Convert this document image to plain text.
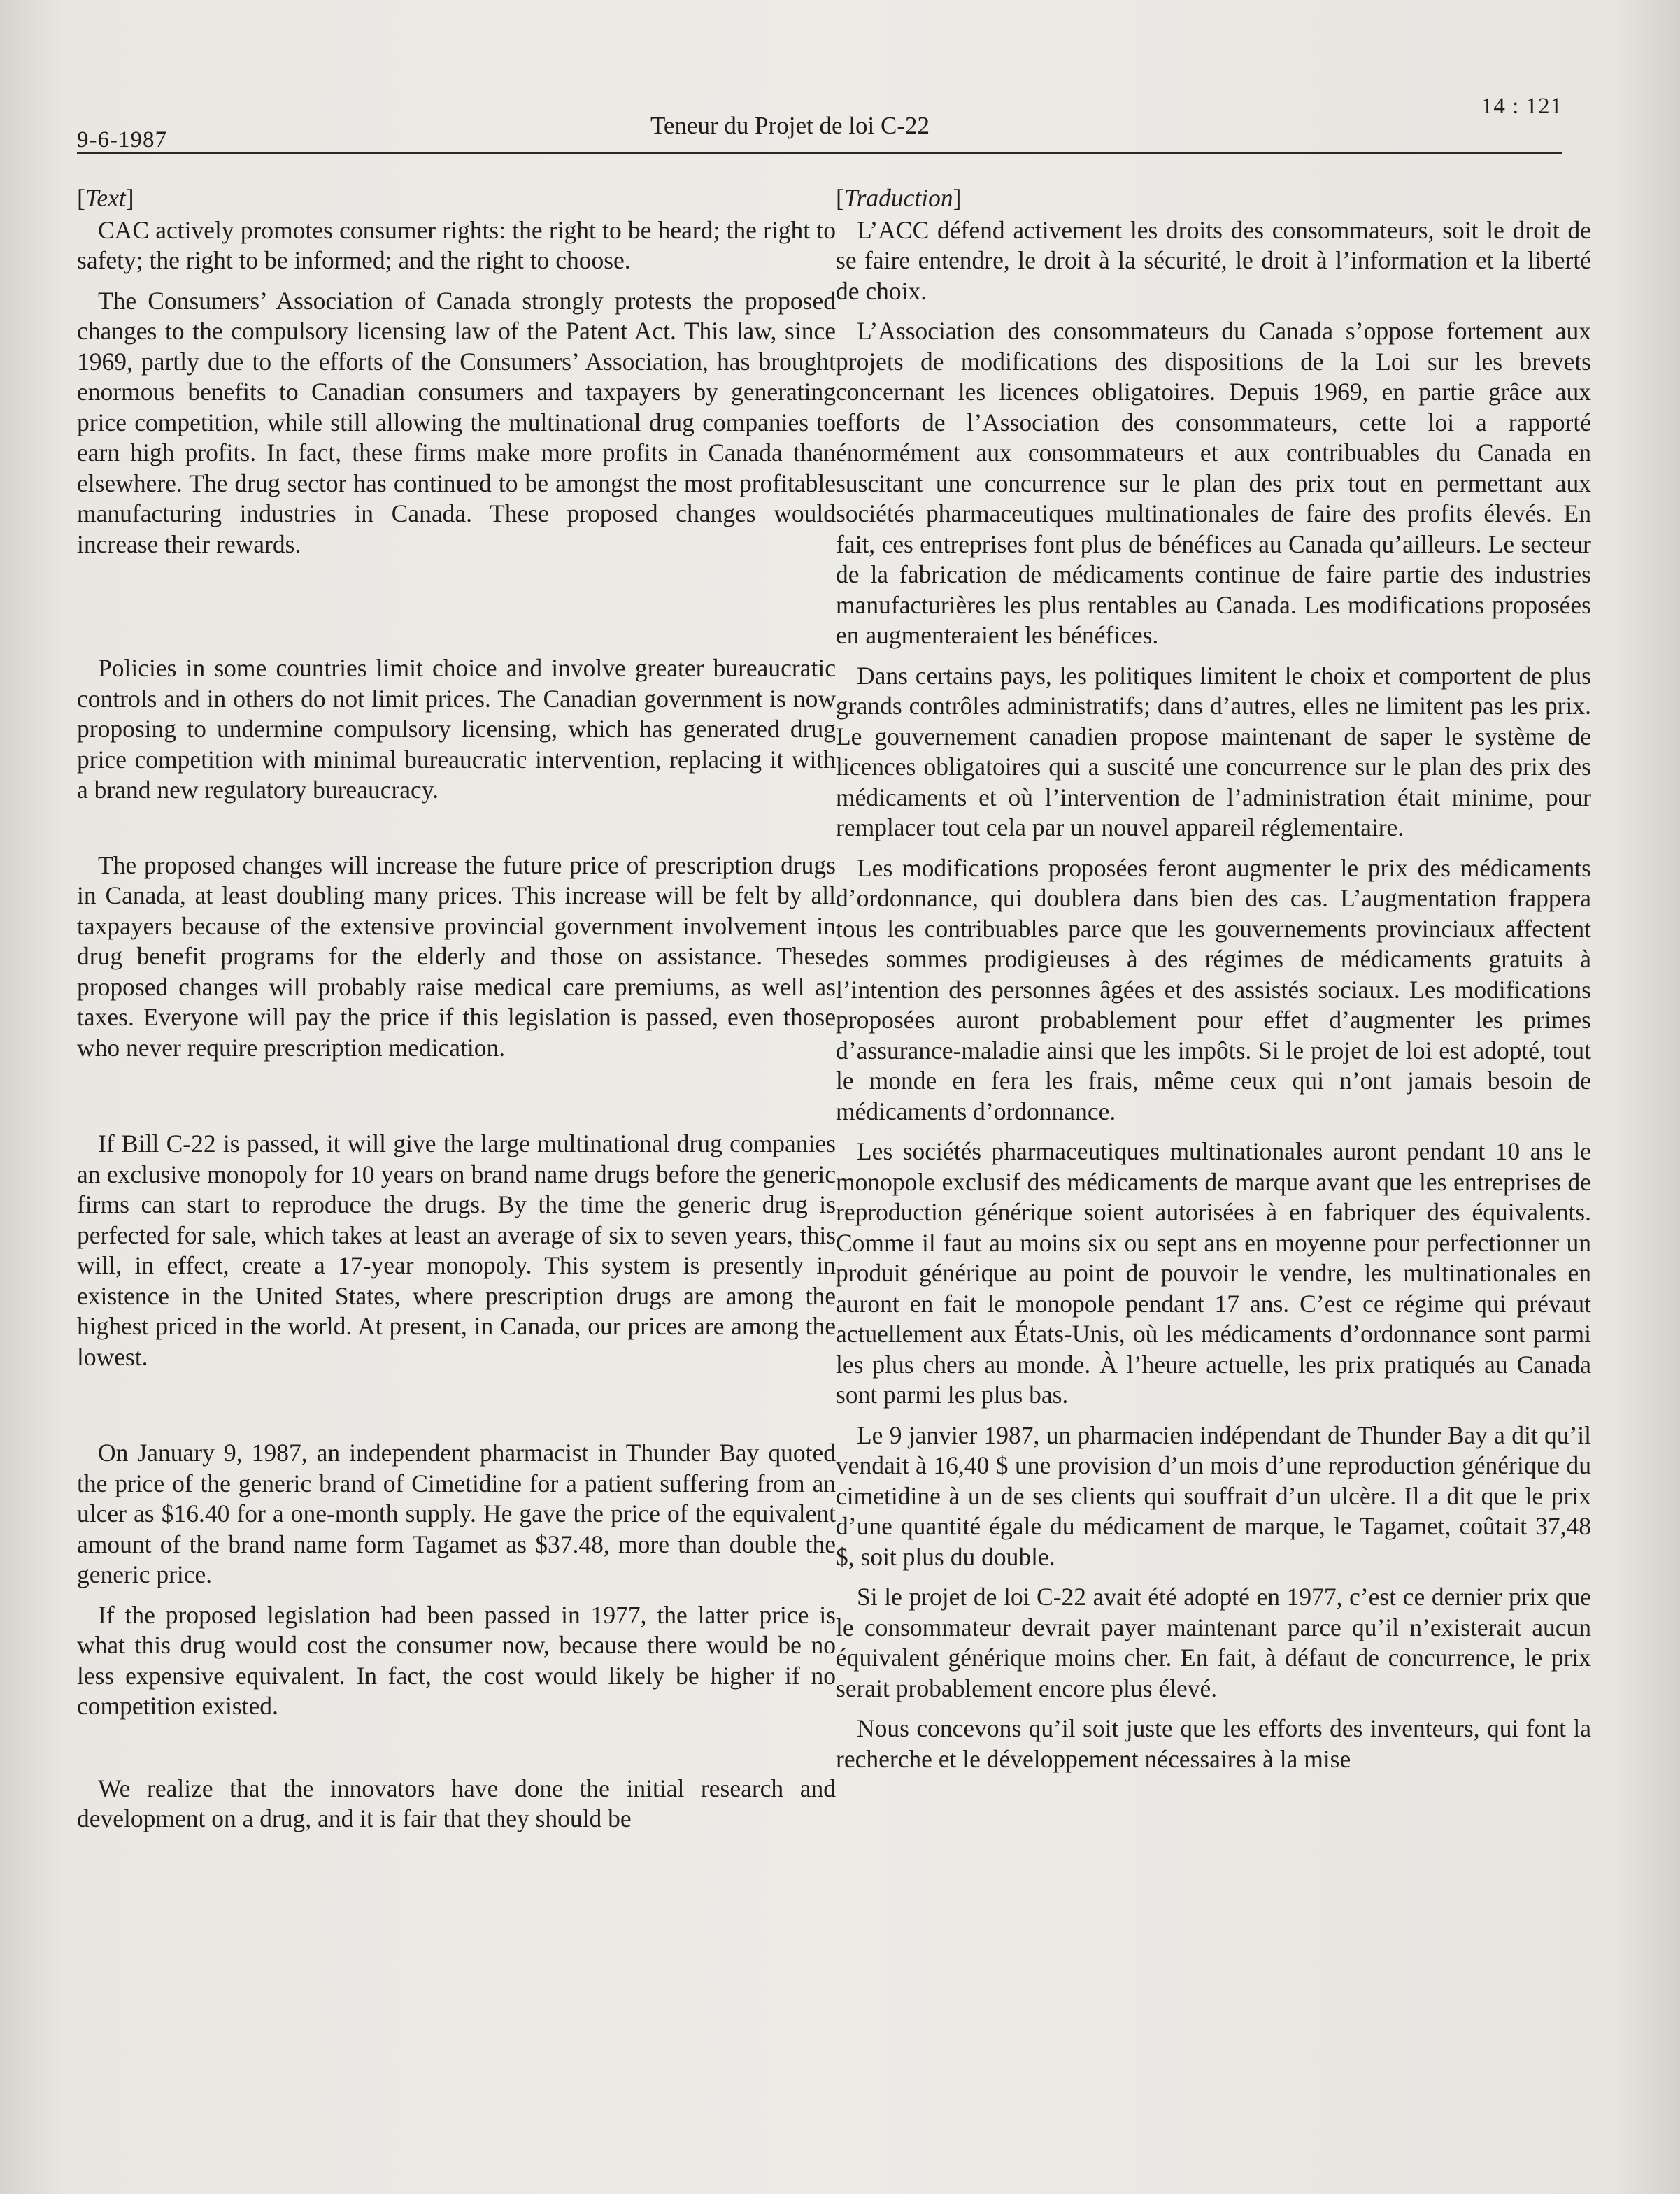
9-6-1987
Teneur du Projet de loi C-22
14 : 121

[Text]

CAC actively promotes consumer rights: the right to be heard; the right to safety; the right to be informed; and the right to choose.

The Consumers’ Association of Canada strongly protests the proposed changes to the compulsory licensing law of the Patent Act. This law, since 1969, partly due to the efforts of the Consumers’ Association, has brought enormous benefits to Canadian consumers and taxpayers by generating price competition, while still allowing the multinational drug companies to earn high profits. In fact, these firms make more profits in Canada than elsewhere. The drug sector has continued to be amongst the most profitable manufacturing industries in Canada. These proposed changes would increase their rewards.

Policies in some countries limit choice and involve greater bureaucratic controls and in others do not limit prices. The Canadian government is now proposing to undermine compulsory licensing, which has generated drug price competition with minimal bureaucratic intervention, replacing it with a brand new regulatory bureaucracy.

The proposed changes will increase the future price of prescription drugs in Canada, at least doubling many prices. This increase will be felt by all taxpayers because of the extensive provincial government involvement in drug benefit programs for the elderly and those on assistance. These proposed changes will probably raise medical care premiums, as well as taxes. Everyone will pay the price if this legislation is passed, even those who never require prescription medication.

If Bill C-22 is passed, it will give the large multinational drug companies an exclusive monopoly for 10 years on brand name drugs before the generic firms can start to reproduce the drugs. By the time the generic drug is perfected for sale, which takes at least an average of six to seven years, this will, in effect, create a 17-year monopoly. This system is presently in existence in the United States, where prescription drugs are among the highest priced in the world. At present, in Canada, our prices are among the lowest.

On January 9, 1987, an independent pharmacist in Thunder Bay quoted the price of the generic brand of Cimetidine for a patient suffering from an ulcer as $16.40 for a one-month supply. He gave the price of the equivalent amount of the brand name form Tagamet as $37.48, more than double the generic price.

If the proposed legislation had been passed in 1977, the latter price is what this drug would cost the consumer now, because there would be no less expensive equivalent. In fact, the cost would likely be higher if no competition existed.

We realize that the innovators have done the initial research and development on a drug, and it is fair that they should be

[Traduction]

L’ACC défend activement les droits des consommateurs, soit le droit de se faire entendre, le droit à la sécurité, le droit à l’information et la liberté de choix.

L’Association des consommateurs du Canada s’oppose fortement aux projets de modifications des dispositions de la Loi sur les brevets concernant les licences obligatoires. Depuis 1969, en partie grâce aux efforts de l’Association des consommateurs, cette loi a rapporté énormément aux consommateurs et aux contribuables du Canada en suscitant une concurrence sur le plan des prix tout en permettant aux sociétés pharmaceutiques multinationales de faire des profits élevés. En fait, ces entreprises font plus de bénéfices au Canada qu’ailleurs. Le secteur de la fabrication de médicaments continue de faire partie des industries manufacturières les plus rentables au Canada. Les modifications proposées en augmenteraient les bénéfices.

Dans certains pays, les politiques limitent le choix et comportent de plus grands contrôles administratifs; dans d’autres, elles ne limitent pas les prix. Le gouvernement canadien propose maintenant de saper le système de licences obligatoires qui a suscité une concurrence sur le plan des prix des médicaments et où l’intervention de l’administration était minime, pour remplacer tout cela par un nouvel appareil réglementaire.

Les modifications proposées feront augmenter le prix des médicaments d’ordonnance, qui doublera dans bien des cas. L’augmentation frappera tous les contribuables parce que les gouvernements provinciaux affectent des sommes prodigieuses à des régimes de médicaments gratuits à l’intention des personnes âgées et des assistés sociaux. Les modifications proposées auront probablement pour effet d’augmenter les primes d’assurance-maladie ainsi que les impôts. Si le projet de loi est adopté, tout le monde en fera les frais, même ceux qui n’ont jamais besoin de médicaments d’ordonnance.

Les sociétés pharmaceutiques multinationales auront pendant 10 ans le monopole exclusif des médicaments de marque avant que les entreprises de reproduction générique soient autorisées à en fabriquer des équivalents. Comme il faut au moins six ou sept ans en moyenne pour perfectionner un produit générique au point de pouvoir le vendre, les multinationales en auront en fait le monopole pendant 17 ans. C’est ce régime qui prévaut actuellement aux États-Unis, où les médicaments d’ordonnance sont parmi les plus chers au monde. À l’heure actuelle, les prix pratiqués au Canada sont parmi les plus bas.

Le 9 janvier 1987, un pharmacien indépendant de Thunder Bay a dit qu’il vendait à 16,40 $ une provision d’un mois d’une reproduction générique du cimetidine à un de ses clients qui souffrait d’un ulcère. Il a dit que le prix d’une quantité égale du médicament de marque, le Tagamet, coûtait 37,48 $, soit plus du double.

Si le projet de loi C-22 avait été adopté en 1977, c’est ce dernier prix que le consommateur devrait payer maintenant parce qu’il n’existerait aucun équivalent générique moins cher. En fait, à défaut de concurrence, le prix serait probablement encore plus élevé.

Nous concevons qu’il soit juste que les efforts des inventeurs, qui font la recherche et le développement nécessaires à la mise
